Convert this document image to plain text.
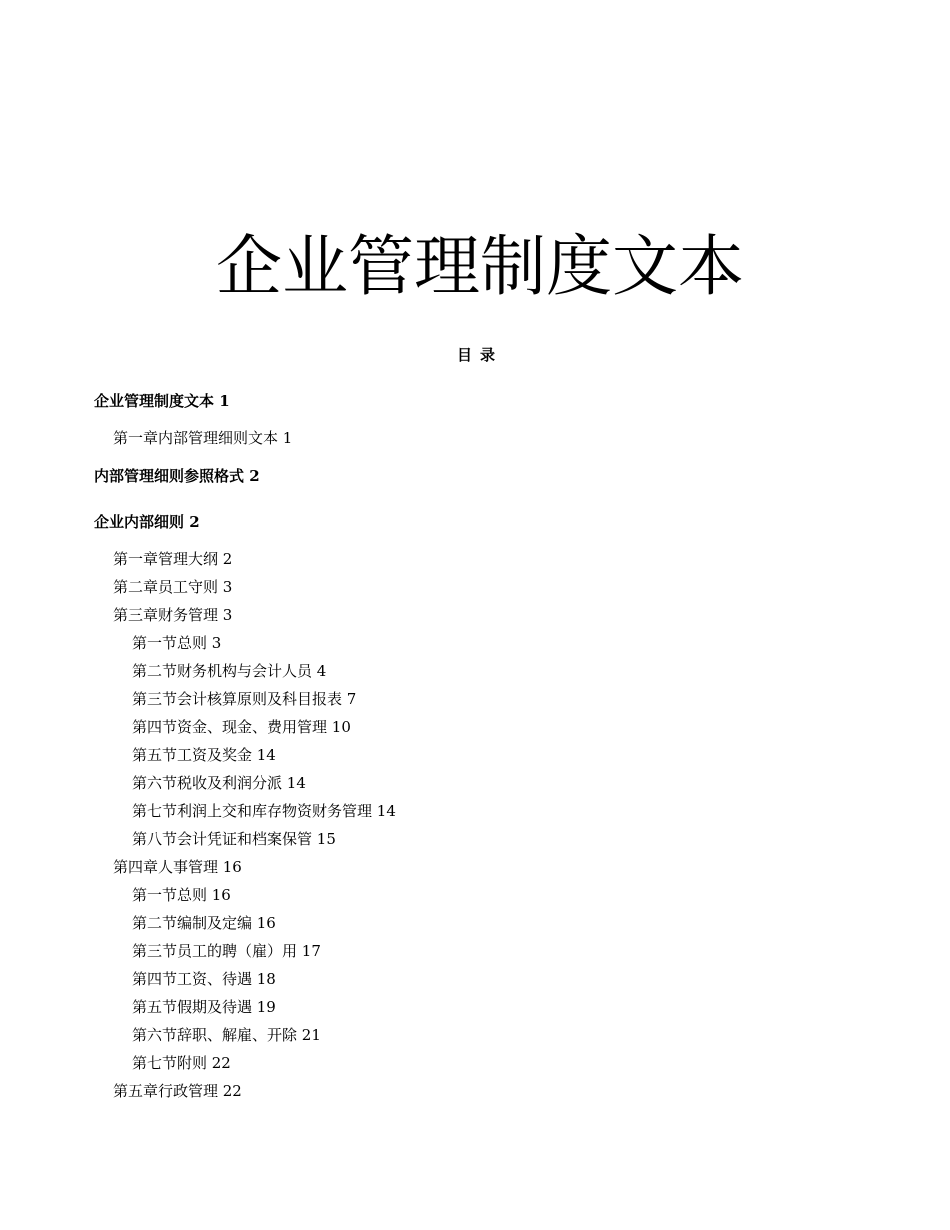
企业管理制度文本
目录
企业管理制度文本 1
第一章内部管理细则文本 1
内部管理细则参照格式 2
企业内部细则 2
第一章管理大纲 2
第二章员工守则 3
第三章财务管理 3
第一节总则 3
第二节财务机构与会计人员 4
第三节会计核算原则及科目报表 7
第四节资金、现金、费用管理 10
第五节工资及奖金 14
第六节税收及利润分派 14
第七节利润上交和库存物资财务管理 14
第八节会计凭证和档案保管 15
第四章人事管理 16
第一节总则 16
第二节编制及定编 16
第三节员工的聘（雇）用 17
第四节工资、待遇 18
第五节假期及待遇 19
第六节辞职、解雇、开除 21
第七节附则 22
第五章行政管理 22
